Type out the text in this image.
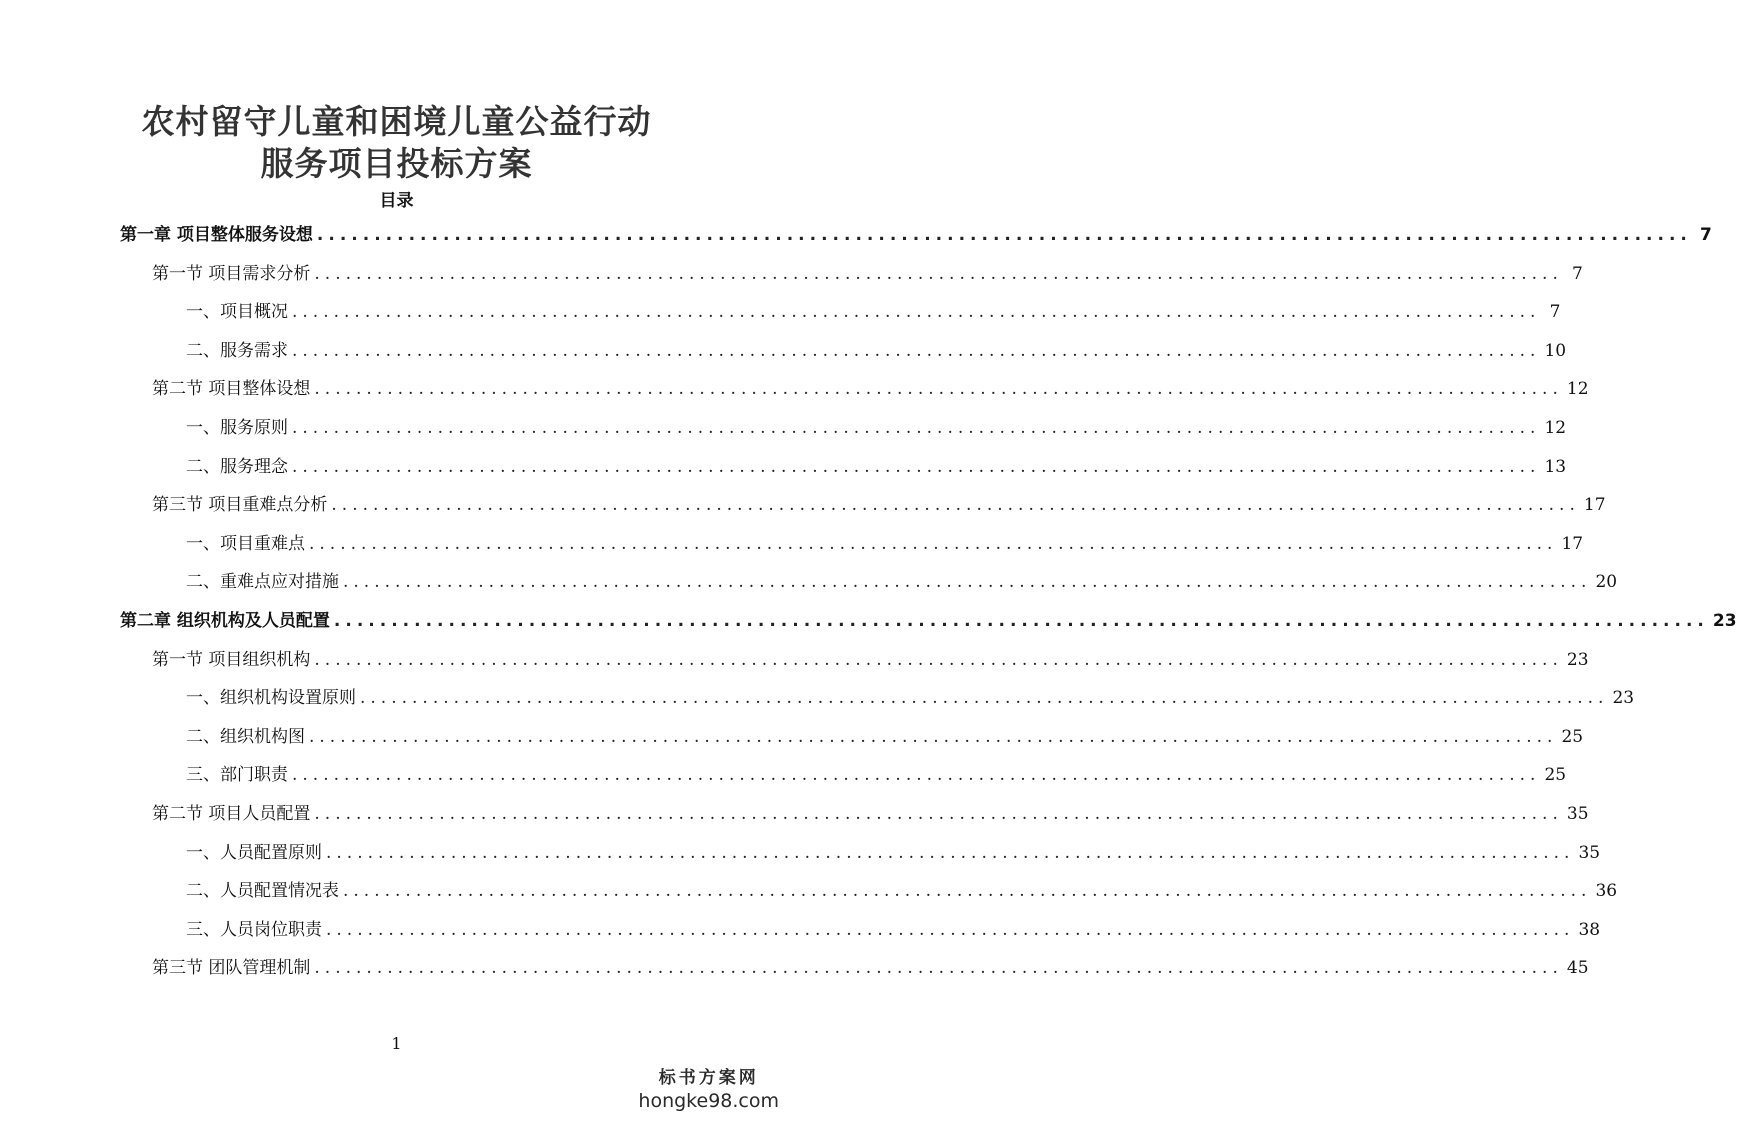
农村留守儿童和困境儿童公益行动
服务项目投标方案
目录
第一章 项目整体服务设想 ........................................................................................................................ 7
第一节 项目需求分析 ........................................................................................................................ 7
一、项目概况 ........................................................................................................................ 7
二、服务需求 ........................................................................................................................ 10
第二节 项目整体设想 ........................................................................................................................ 12
一、服务原则 ........................................................................................................................ 12
二、服务理念 ........................................................................................................................ 13
第三节 项目重难点分析 ........................................................................................................................ 17
一、项目重难点 ........................................................................................................................ 17
二、重难点应对措施 ........................................................................................................................ 20
第二章 组织机构及人员配置 ........................................................................................................................ 23
第一节 项目组织机构 ........................................................................................................................ 23
一、组织机构设置原则 ........................................................................................................................ 23
二、组织机构图 ........................................................................................................................ 25
三、部门职责 ........................................................................................................................ 25
第二节 项目人员配置 ........................................................................................................................ 35
一、人员配置原则 ........................................................................................................................ 35
二、人员配置情况表 ........................................................................................................................ 36
三、人员岗位职责 ........................................................................................................................ 38
第三节 团队管理机制 ........................................................................................................................ 45
1
标书方案网
hongke98.com
